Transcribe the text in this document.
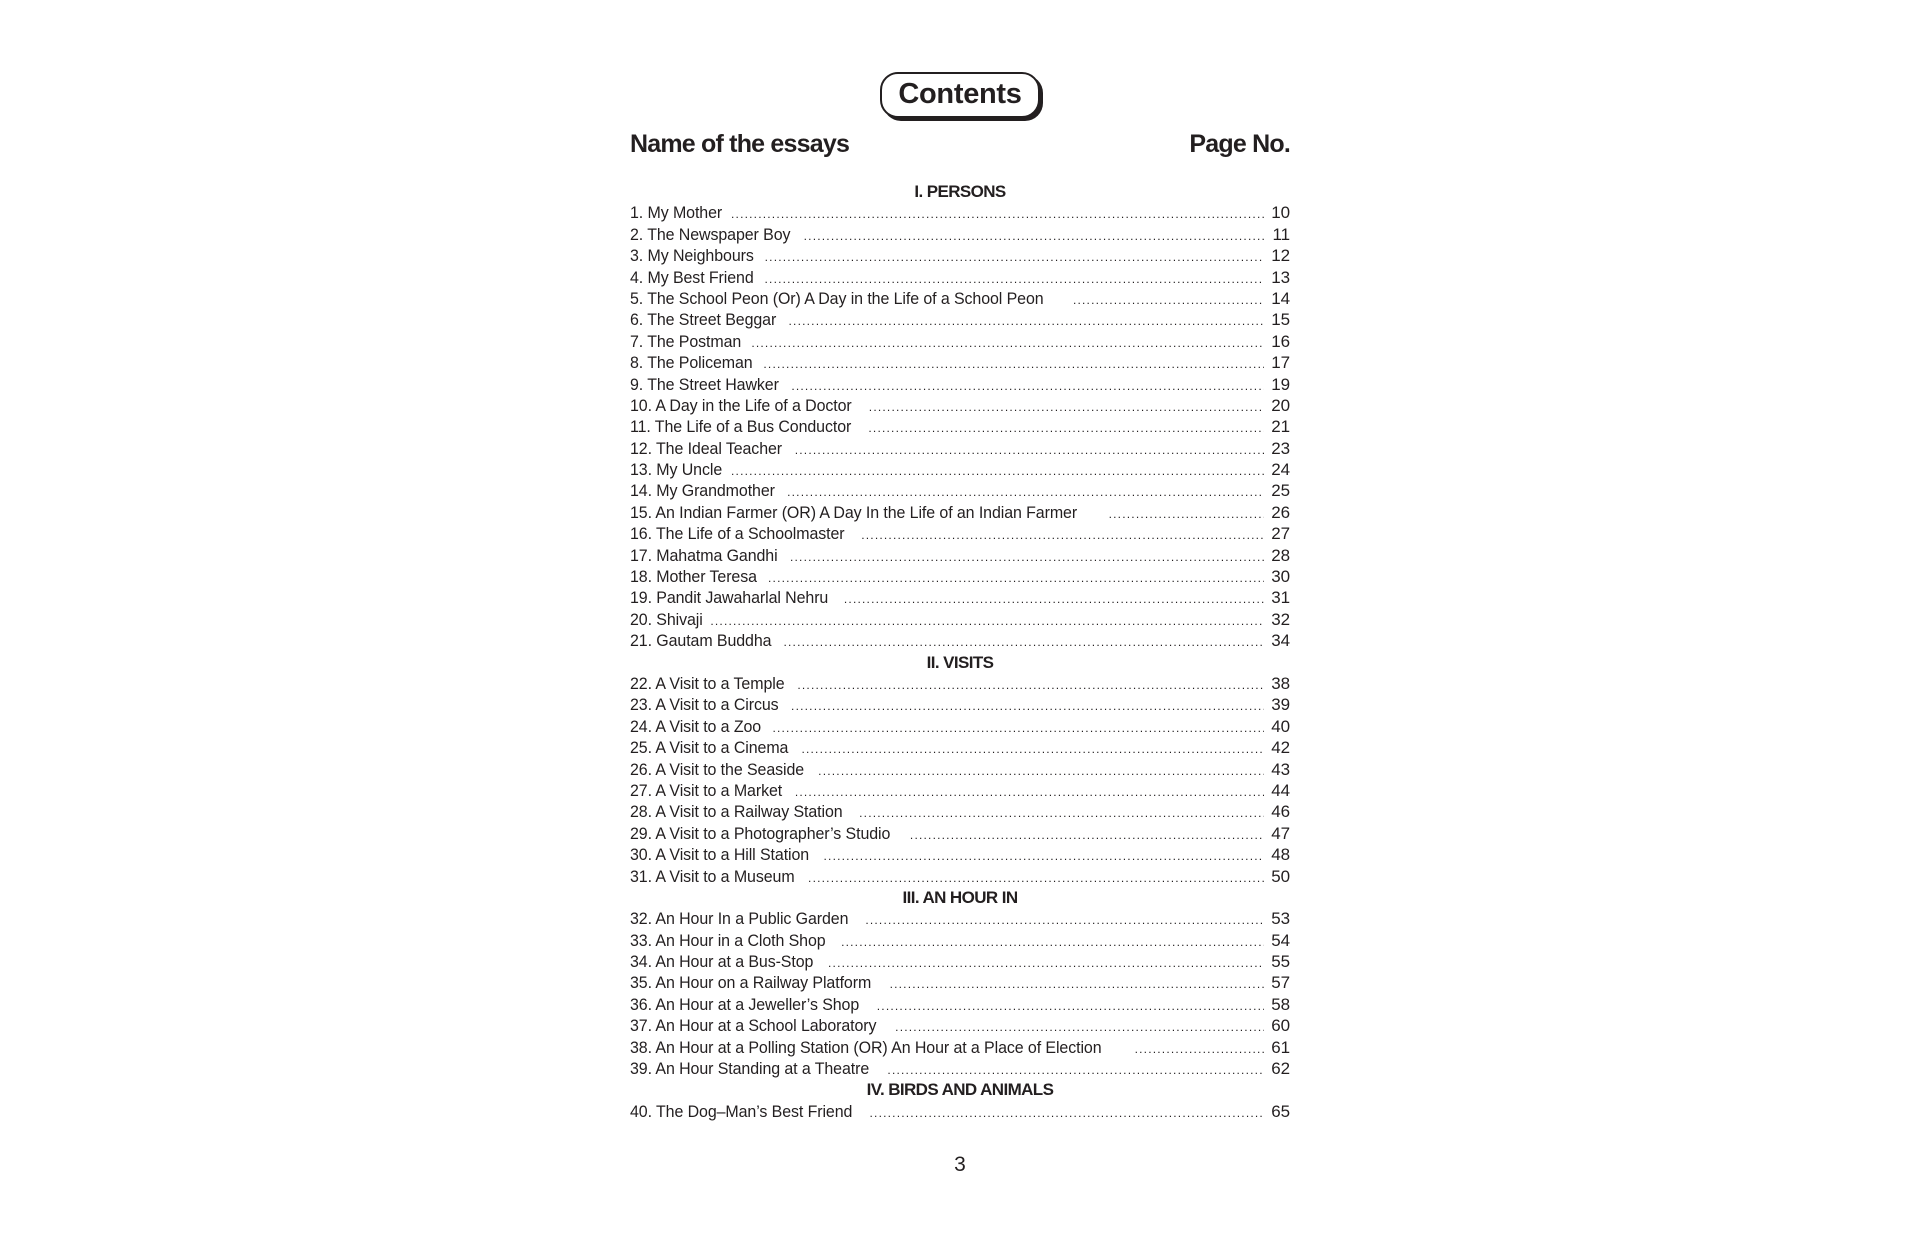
Contents
Name of the essays	Page No.
I. PERSONS
1. My Mother .....	10
2. The Newspaper Boy .....	11
3. My Neighbours .....	12
4. My Best Friend .....	13
5. The School Peon (Or) A Day in the Life of a School Peon .....	14
6. The Street Beggar .....	15
7. The Postman .....	16
8. The Policeman .....	17
9. The Street Hawker .....	19
10. A Day in the Life of a Doctor .....	20
11. The Life of a Bus Conductor .....	21
12. The Ideal Teacher .....	23
13. My Uncle .....	24
14. My Grandmother .....	25
15. An Indian Farmer (OR) A Day In the Life of an Indian Farmer .....	26
16. The Life of a Schoolmaster .....	27
17. Mahatma Gandhi .....	28
18. Mother Teresa .....	30
19. Pandit Jawaharlal Nehru .....	31
20. Shivaji .....	32
21. Gautam Buddha .....	34
II. VISITS
22. A Visit to a Temple .....	38
23. A Visit to a Circus .....	39
24. A Visit to a Zoo .....	40
25. A Visit to a Cinema .....	42
26. A Visit to the Seaside .....	43
27. A Visit to a Market .....	44
28. A Visit to a Railway Station .....	46
29. A Visit to a Photographer’s Studio .....	47
30. A Visit to a Hill Station .....	48
31. A Visit to a Museum .....	50
III. AN HOUR IN
32. An Hour In a Public Garden .....	53
33. An Hour in a Cloth Shop .....	54
34. An Hour at a Bus-Stop .....	55
35. An Hour on a Railway Platform .....	57
36. An Hour at a Jeweller’s Shop .....	58
37. An Hour at a School Laboratory .....	60
38. An Hour at a Polling Station (OR) An Hour at a Place of Election .....	61
39. An Hour Standing at a Theatre .....	62
IV. BIRDS AND ANIMALS
40. The Dog–Man’s Best Friend .....	65
3
